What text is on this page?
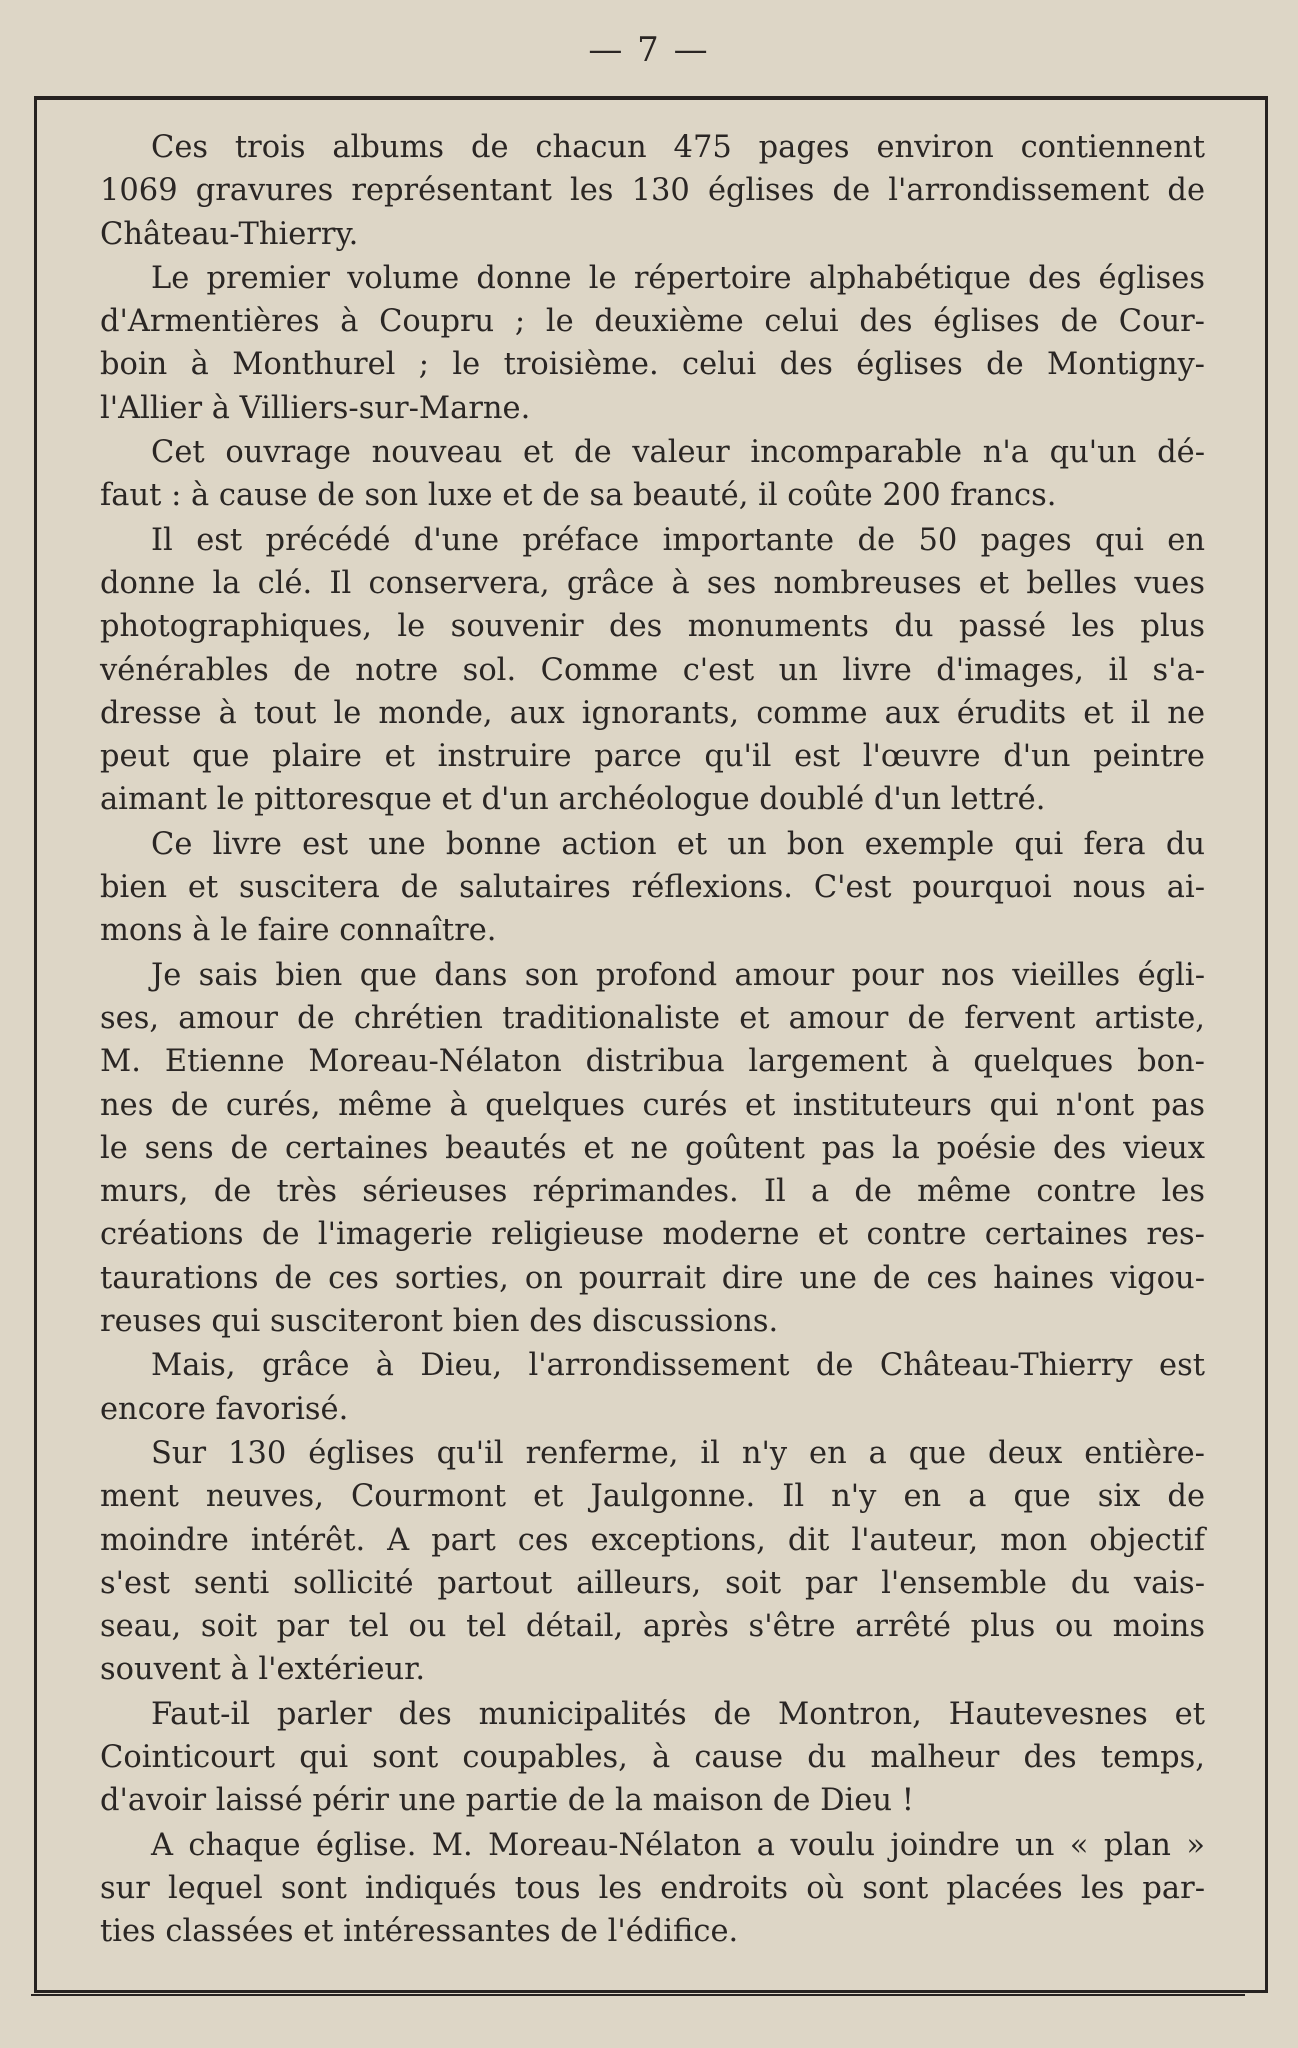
— 7 —
Ces trois albums de chacun 475 pages environ contiennent
1069 gravures représentant les 130 églises de l'arrondissement de
Château-Thierry.
Le premier volume donne le répertoire alphabétique des églises
d'Armentières à Coupru ; le deuxième celui des églises de Cour-
boin à Monthurel ; le troisième. celui des églises de Montigny-
l'Allier à Villiers-sur-Marne.
Cet ouvrage nouveau et de valeur incomparable n'a qu'un dé-
faut : à cause de son luxe et de sa beauté, il coûte 200 francs.
Il est précédé d'une préface importante de 50 pages qui en
donne la clé. Il conservera, grâce à ses nombreuses et belles vues
photographiques, le souvenir des monuments du passé les plus
vénérables de notre sol. Comme c'est un livre d'images, il s'a-
dresse à tout le monde, aux ignorants, comme aux érudits et il ne
peut que plaire et instruire parce qu'il est l'œuvre d'un peintre
aimant le pittoresque et d'un archéologue doublé d'un lettré.
Ce livre est une bonne action et un bon exemple qui fera du
bien et suscitera de salutaires réflexions. C'est pourquoi nous ai-
mons à le faire connaître.
Je sais bien que dans son profond amour pour nos vieilles égli-
ses, amour de chrétien traditionaliste et amour de fervent artiste,
M. Etienne Moreau-Nélaton distribua largement à quelques bon-
nes de curés, même à quelques curés et instituteurs qui n'ont pas
le sens de certaines beautés et ne goûtent pas la poésie des vieux
murs, de très sérieuses réprimandes. Il a de même contre les
créations de l'imagerie religieuse moderne et contre certaines res-
taurations de ces sorties, on pourrait dire une de ces haines vigou-
reuses qui susciteront bien des discussions.
Mais, grâce à Dieu, l'arrondissement de Château-Thierry est
encore favorisé.
Sur 130 églises qu'il renferme, il n'y en a que deux entière-
ment neuves, Courmont et Jaulgonne. Il n'y en a que six de
moindre intérêt. A part ces exceptions, dit l'auteur, mon objectif
s'est senti sollicité partout ailleurs, soit par l'ensemble du vais-
seau, soit par tel ou tel détail, après s'être arrêté plus ou moins
souvent à l'extérieur.
Faut-il parler des municipalités de Montron, Hautevesnes et
Cointicourt qui sont coupables, à cause du malheur des temps,
d'avoir laissé périr une partie de la maison de Dieu !
A chaque église. M. Moreau-Nélaton a voulu joindre un « plan »
sur lequel sont indiqués tous les endroits où sont placées les par-
ties classées et intéressantes de l'édifice.
